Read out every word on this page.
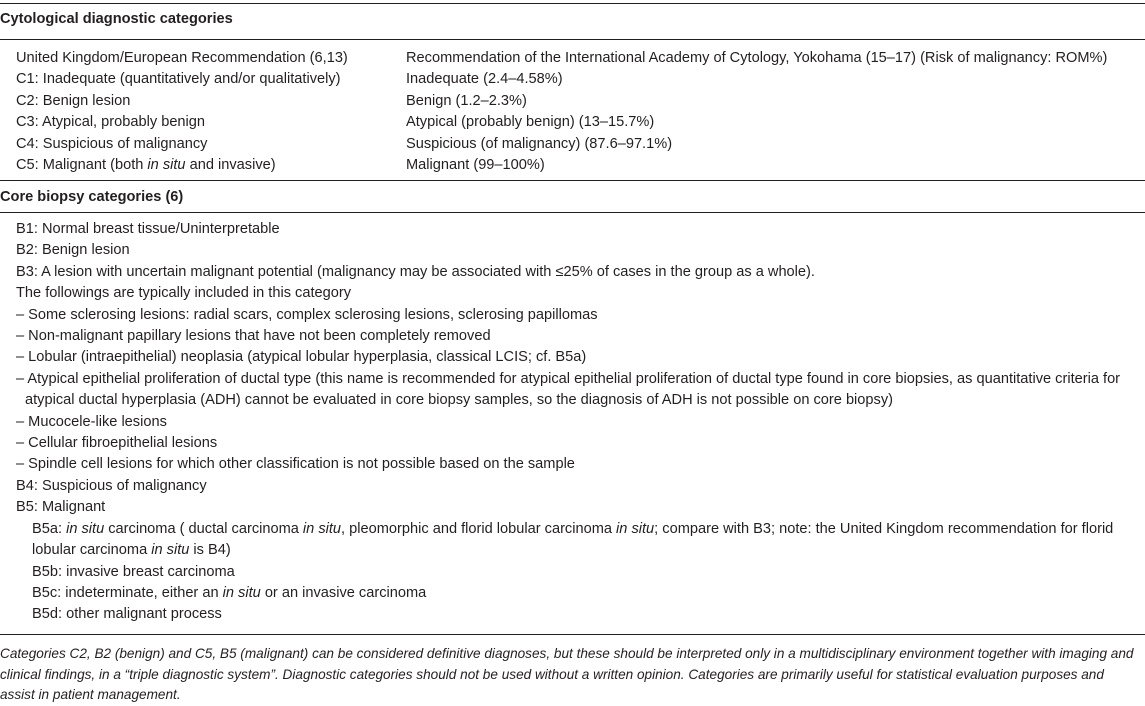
Cytological diagnostic categories
United Kingdom/European Recommendation (6,13)	Recommendation of the International Academy of Cytology, Yokohama (15–17) (Risk of malignancy: ROM%)
C1: Inadequate (quantitatively and/or qualitatively)	Inadequate (2.4–4.58%)
C2: Benign lesion	Benign (1.2–2.3%)
C3: Atypical, probably benign	Atypical (probably benign) (13–15.7%)
C4: Suspicious of malignancy	Suspicious (of malignancy) (87.6–97.1%)
C5: Malignant (both in situ and invasive)	Malignant (99–100%)
Core biopsy categories (6)
B1: Normal breast tissue/Uninterpretable
B2: Benign lesion
B3: A lesion with uncertain malignant potential (malignancy may be associated with ≤25% of cases in the group as a whole).
The followings are typically included in this category
– Some sclerosing lesions: radial scars, complex sclerosing lesions, sclerosing papillomas
– Non-malignant papillary lesions that have not been completely removed
– Lobular (intraepithelial) neoplasia (atypical lobular hyperplasia, classical LCIS; cf. B5a)
– Atypical epithelial proliferation of ductal type (this name is recommended for atypical epithelial proliferation of ductal type found in core biopsies, as quantitative criteria for atypical ductal hyperplasia (ADH) cannot be evaluated in core biopsy samples, so the diagnosis of ADH is not possible on core biopsy)
– Mucocele-like lesions
– Cellular fibroepithelial lesions
– Spindle cell lesions for which other classification is not possible based on the sample
B4: Suspicious of malignancy
B5: Malignant
B5a: in situ carcinoma ( ductal carcinoma in situ, pleomorphic and florid lobular carcinoma in situ; compare with B3; note: the United Kingdom recommendation for florid lobular carcinoma in situ is B4)
B5b: invasive breast carcinoma
B5c: indeterminate, either an in situ or an invasive carcinoma
B5d: other malignant process
Categories C2, B2 (benign) and C5, B5 (malignant) can be considered definitive diagnoses, but these should be interpreted only in a multidisciplinary environment together with imaging and clinical findings, in a “triple diagnostic system”. Diagnostic categories should not be used without a written opinion. Categories are primarily useful for statistical evaluation purposes and assist in patient management.
